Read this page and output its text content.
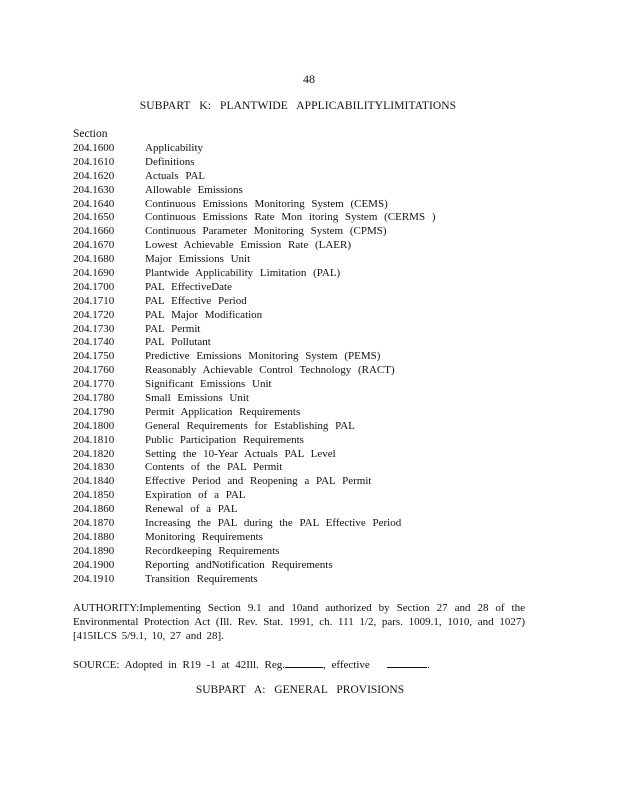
48
SUBPART K: PLANTWIDE APPLICABILITYLIMITATIONS
Section
204.1600	Applicability
204.1610	Definitions
204.1620	Actuals PAL
204.1630	Allowable Emissions
204.1640	Continuous Emissions Monitoring System (CEMS)
204.1650	Continuous Emissions Rate Mon itoring System (CERMS )
204.1660	Continuous Parameter Monitoring System (CPMS)
204.1670	Lowest Achievable Emission Rate (LAER)
204.1680	Major Emissions Unit
204.1690	Plantwide Applicability Limitation (PAL)
204.1700	PAL EffectiveDate
204.1710	PAL Effective Period
204.1720	PAL Major Modification
204.1730	PAL Permit
204.1740	PAL Pollutant
204.1750	Predictive Emissions Monitoring System (PEMS)
204.1760	Reasonably Achievable Control Technology (RACT)
204.1770	Significant Emissions Unit
204.1780	Small Emissions Unit
204.1790	Permit Application Requirements
204.1800	General Requirements for Establishing PAL
204.1810	Public Participation Requirements
204.1820	Setting the 10-Year Actuals PAL Level
204.1830	Contents of the PAL Permit
204.1840	Effective Period and Reopening a PAL Permit
204.1850	Expiration of a PAL
204.1860	Renewal of a PAL
204.1870	Increasing the PAL during the PAL Effective Period
204.1880	Monitoring Requirements
204.1890	Recordkeeping Requirements
204.1900	Reporting andNotification Requirements
204.1910	Transition Requirements
AUTHORITY:Implementing Section 9.1 and 10and authorized by Section 27 and 28 of the Environmental Protection Act (Ill. Rev. Stat. 1991, ch. 111 1/2, pars. 1009.1, 1010, and 1027) [415ILCS 5/9.1, 10, 27 and 28].
SOURCE: Adopted in R19 -1 at 42Ill. Reg.	, effective	.
SUBPART A: GENERAL PROVISIONS
